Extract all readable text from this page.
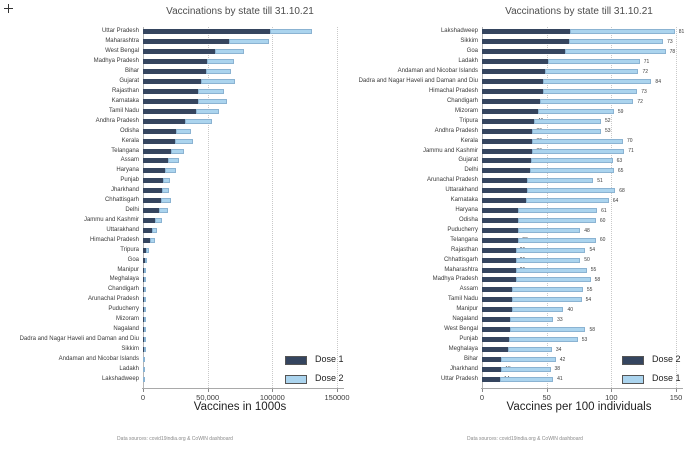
Vaccinations by state till 31.10.21
0	50,000	100000	150000
Uttar Pradesh
Maharashtra
West Bengal
Madhya Pradesh
Bihar
Gujarat
Rajasthan
Karnataka
Tamil Nadu
Andhra Pradesh
Odisha
Kerala
Telangana
Assam
Haryana
Punjab
Jharkhand
Chhattisgarh
Delhi
Jammu and Kashmir
Uttarakhand
Himachal Pradesh
Tripura
Goa
Manipur
Meghalaya
Chandigarh
Arunachal Pradesh
Puducherry
Mizoram
Nagaland
Dadra and Nagar Haveli and Daman and Diu
Sikkim
Andaman and Nicobar Islands
Ladakh
Lakshadweep
Dose 1
Dose 2
Vaccines in 1000s
Data sources: covid19india.org & CoWIN dashboard
Vaccinations by state till 31.10.21
0	50	100	150
Lakshadweep	81
Sikkim	73
Goa	78
Ladakh	71
Andaman and Nicobar Islands	72
Dadra and Nagar Haveli and Daman and Diu	84
Himachal Pradesh	73
Chandigarh	72
Mizoram	59
Tripura	52
Andhra Pradesh	53
Kerala	70
Jammu and Kashmir	71
Gujarat	63
Delhi	65
Arunachal Pradesh	51
Uttarakhand	68
Karnataka	64
Haryana	61
Odisha	60
Puducherry	48
Telangana	60
Rajasthan	54
Chhattisgarh	50
Maharashtra	55
Madhya Pradesh	58
Assam	55
Tamil Nadu	54
Manipur	40
Nagaland	33
West Bengal	58
Punjab	53
Meghalaya	34
Bihar	42
Jharkhand	38
Uttar Pradesh	41
Dose 2
Dose 1
Vaccines per 100 individuals
Data sources: covid19india.org & CoWIN dashboard
